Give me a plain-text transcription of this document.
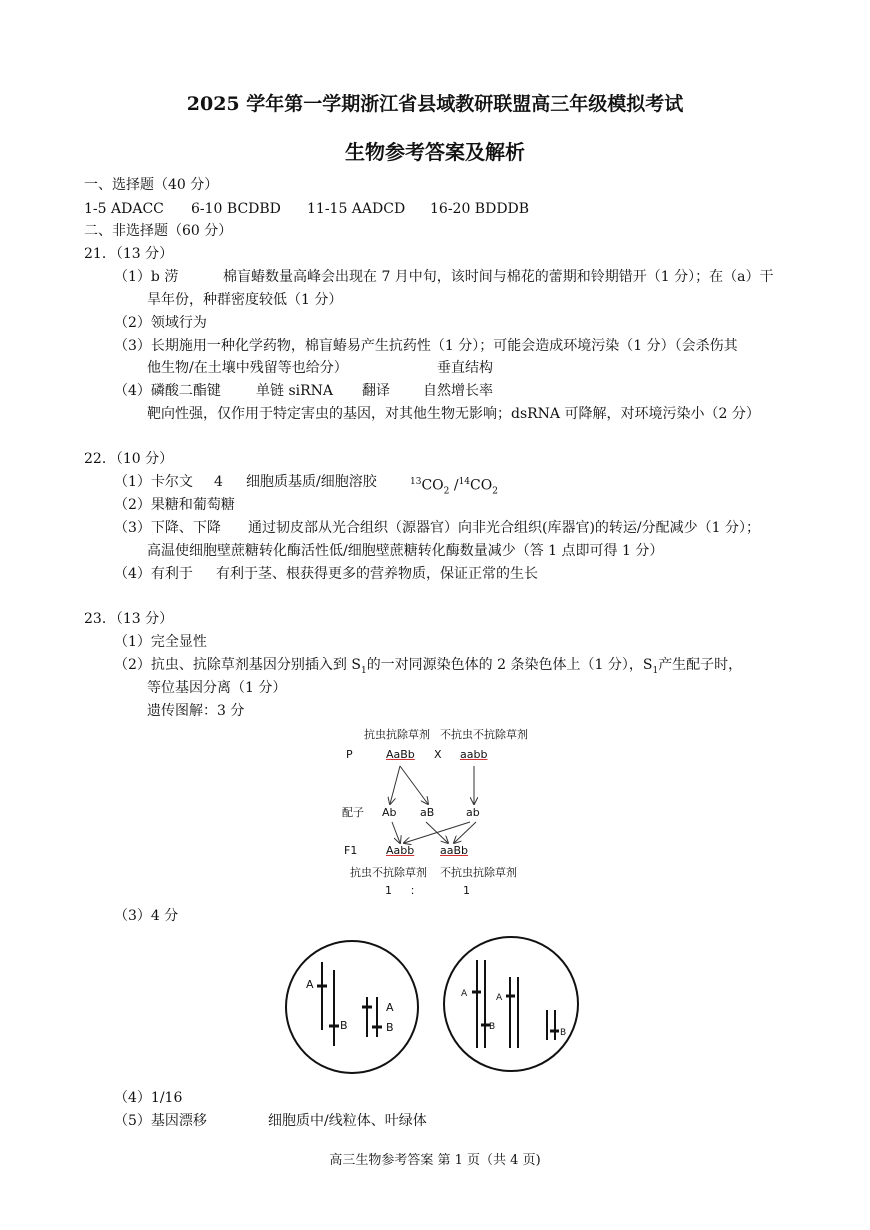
2025 学年第一学期浙江省县域教研联盟高三年级模拟考试
生物参考答案及解析
一、选择题（40 分）
1-5 ADACC 6-10 BCDBD 11-15 AADCD 16-20 BDDDB
二、非选择题（60 分）
21．（13 分）
（1）b 涝	棉盲蝽数量高峰会出现在 7 月中旬，该时间与棉花的蕾期和铃期错开（1 分）；在（a）干
旱年份，种群密度较低（1 分）
（2）领域行为
（3）长期施用一种化学药物，棉盲蝽易产生抗药性（1 分）；可能会造成环境污染（1 分）（会杀伤其
他生物/在土壤中残留等也给分）	垂直结构
（4）磷酸二酯键	单链 siRNA 翻译 自然增长率
靶向性强，仅作用于特定害虫的基因，对其他生物无影响；dsRNA 可降解，对环境污染小（2 分）
22．（10 分）
（1）卡尔文 4 细胞质基质/细胞溶胶	$^{13}CO_2$ $/^{14}CO_2$
（2）果糖和葡萄糖
（3）下降、下降 通过韧皮部从光合组织（源器官）向非光合组织(库器官)的转运/分配减少（1 分）；
高温使细胞壁蔗糖转化酶活性低/细胞壁蔗糖转化酶数量减少（答 1 点即可得 1 分）
（4）有利于 有利于茎、根获得更多的营养物质，保证正常的生长
23．（13 分）
（1）完全显性
（2）抗虫、抗除草剂基因分别插入到 $S_1$的一对同源染色体的 2 条染色体上（1 分），$S_1$产生配子时，
等位基因分离（1 分）
遗传图解：3 分
抗虫抗除草剂 不抗虫不抗除草剂
P	AaBb X aabb
配子 Ab aB	ab
F1	Aabb aaBb
抗虫不抗除草剂 不抗虫抗除草剂
1 ：	1
（3）4 分
A
B
A
B
A	A
B
B
（4）1/16
（5）基因漂移	细胞质中/线粒体、叶绿体
高三生物参考答案 第 1 页（共 4 页)
